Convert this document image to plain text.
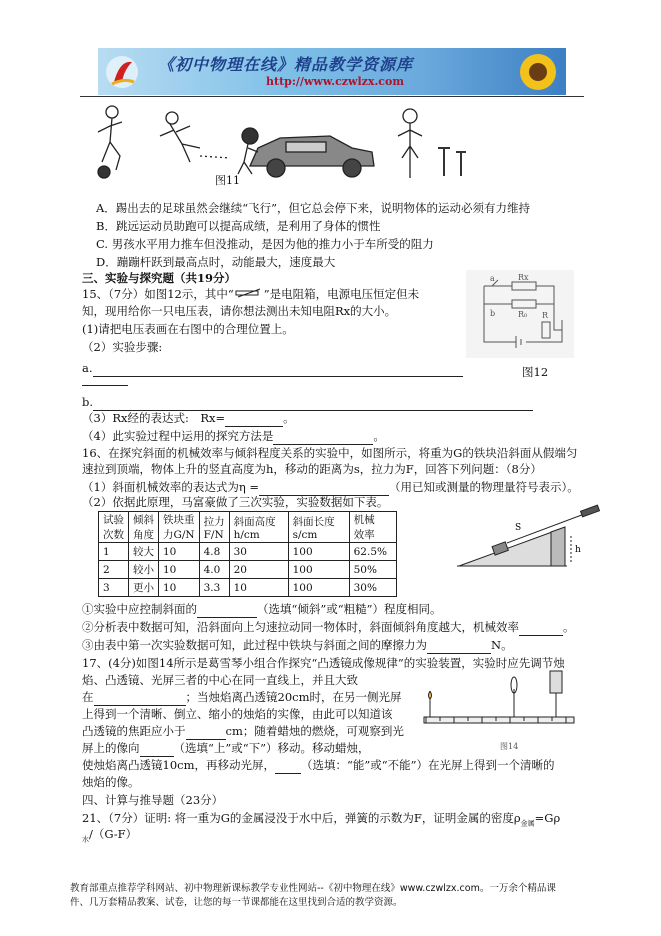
《初中物理在线》精品教学资源库
http://www.czwlzx.com
图11
A．踢出去的足球虽然会继续“飞行”，但它总会停下来，说明物体的运动必须有力维持
B．跳远运动员助跑可以提高成绩，是利用了身体的惯性
C. 男孩水平用力推车但没推动，是因为他的推力小于车所受的阻力
D．蹦蹦杆跃到最高点时，动能最大，速度最大
三、实验与探究题（共19分）
15、（7分）如图12示，其中“	”是电阻箱，电源电压恒定但未
知，现用给你一只电压表，请你想法测出未知电阻Rx的大小。
(1)请把电压表画在右图中的合理位置上。
（2）实验步骤:
a
b
Rx
R₀ R
图12
a.
b.
（3）Rx经的表达式:　Rx=	。
（4）此实验过程中运用的探究方法是	。
16、在探究斜面的机械效率与倾斜程度关系的实验中，如图所示，将重为G的铁块沿斜面从假端匀
速拉到顶端，物体上升的竖直高度为h，移动的距离为s，拉力为F，回答下列问题：（8分）
（1）斜面机械效率的表达式为η =	（用已知或测量的物理量符号表示）。
（2）依据此原理，马富豪做了三次实验，实验数据如下表。
试验
次数	倾斜
角度	铁块重
力G/N	拉力
F/N	斜面高度
h/cm	斜面长度
s/cm	机械
效率
1	较大	10	4.8	30	100	62.5%
2	较小	10	4.0	20	100	50%
3	更小	10	3.3	10	100	30%
S
h
①实验中应控制斜面的	（选填“倾斜”或“粗糙”）程度相同。
②分析表中数据可知，沿斜面向上匀速拉动同一物体时，斜面倾斜角度越大，机械效率	。
③由表中第一次实验数据可知，此过程中铁块与斜面之间的摩擦力为	N。
17、(4分)如图14所示是葛雪琴小组合作探究“凸透镜成像规律”的实验装置，实验时应先调节烛
焰、凸透镜、光屏三者的中心在同一直线上，并且大致
在	；当烛焰离凸透镜20cm时，在另一侧光屏
上得到一个清晰、倒立、缩小的烛焰的实像，由此可以知道该
凸透镜的焦距应小于	cm；随着蜡烛的燃烧，可观察到光
屏上的像向	（选填“上”或“下”）移动。移动蜡烛，
使烛焰离凸透镜10cm，再移动光屏， （选填：“能”或“不能”）在光屏上得到一个清晰的
烛焰的像。
图14
四、计算与推导题（23分）
21、（7分）证明: 将一重为G的金属浸没于水中后，弹簧的示数为F，证明金属的密度$\rho_{金属}=G\rho$
$_水$/（G-F）
教育部重点推荐学科网站、初中物理新课标教学专业性网站--《初中物理在线》www.czwlzx.com。一万余个精品课
件、几万套精品教案、试卷，让您的每一节课都能在这里找到合适的教学资源。
